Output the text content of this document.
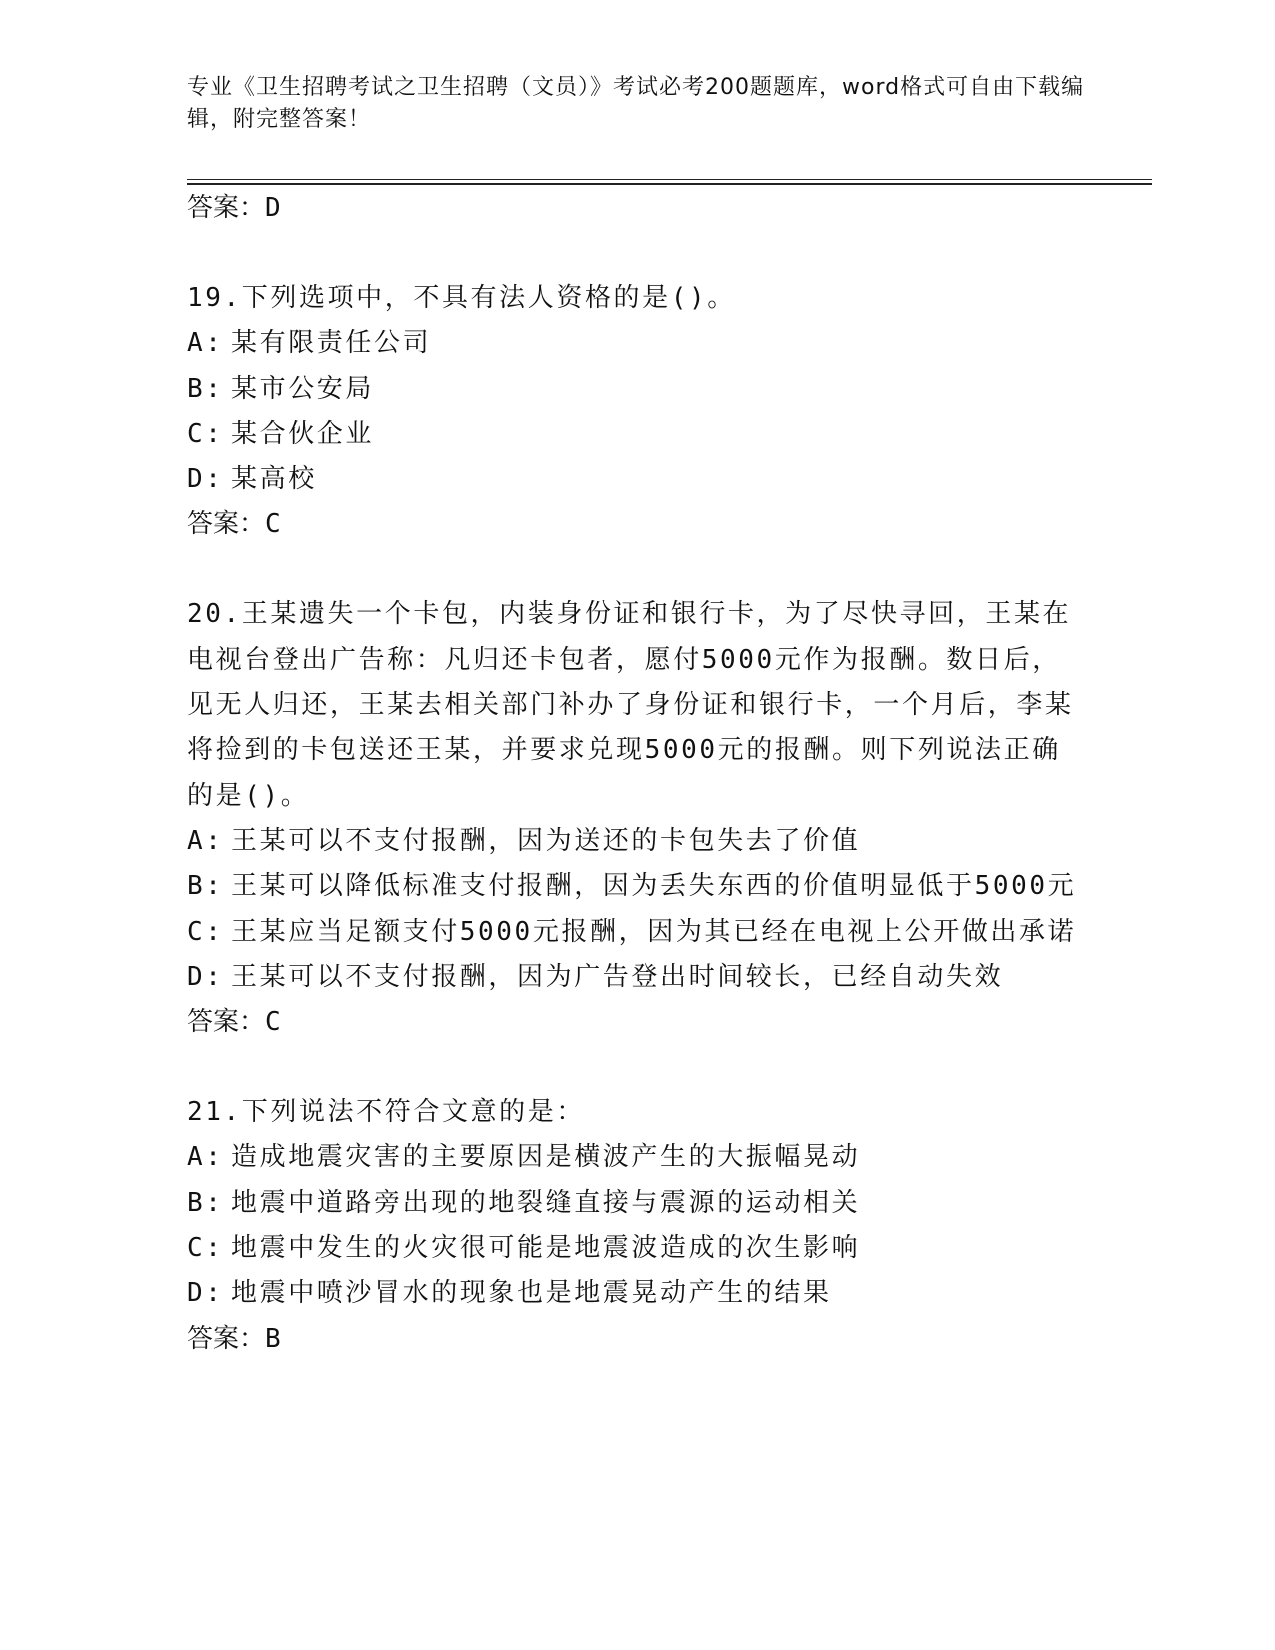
专业《卫生招聘考试之卫生招聘（文员）》考试必考200题题库，word格式可自由下载编辑，附完整答案！
答案：D
19.下列选项中，不具有法人资格的是()。
A: 某有限责任公司
B: 某市公安局
C: 某合伙企业
D: 某高校
答案：C
20.王某遗失一个卡包，内装身份证和银行卡，为了尽快寻回，王某在电视台登出广告称：凡归还卡包者，愿付5000元作为报酬。数日后，见无人归还，王某去相关部门补办了身份证和银行卡，一个月后，李某将捡到的卡包送还王某，并要求兑现5000元的报酬。则下列说法正确的是()。
A: 王某可以不支付报酬，因为送还的卡包失去了价值
B: 王某可以降低标准支付报酬，因为丢失东西的价值明显低于5000元
C: 王某应当足额支付5000元报酬，因为其已经在电视上公开做出承诺
D: 王某可以不支付报酬，因为广告登出时间较长，已经自动失效
答案：C
21.下列说法不符合文意的是：
A: 造成地震灾害的主要原因是横波产生的大振幅晃动
B: 地震中道路旁出现的地裂缝直接与震源的运动相关
C: 地震中发生的火灾很可能是地震波造成的次生影响
D: 地震中喷沙冒水的现象也是地震晃动产生的结果
答案：B
